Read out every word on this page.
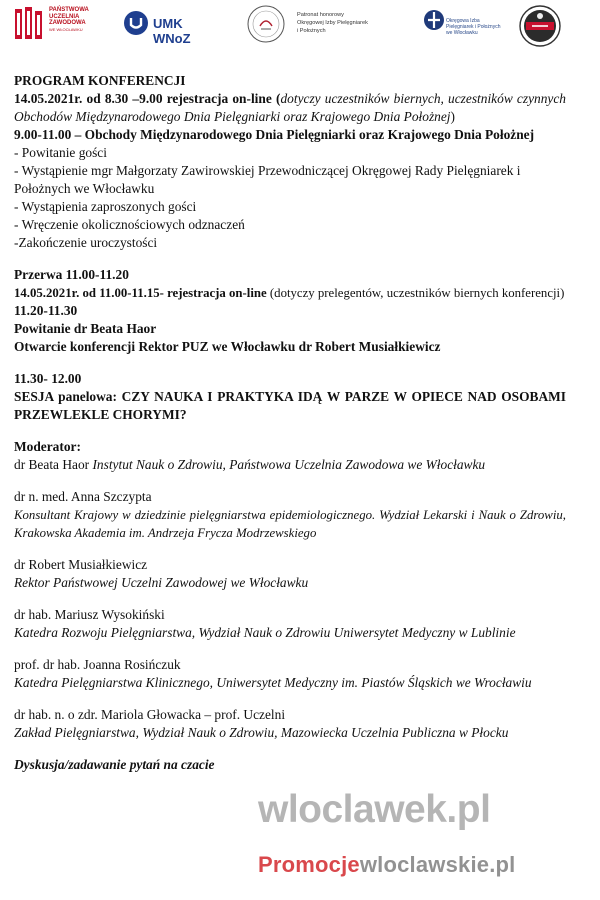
PAŃSTWOWA
UCZELNIA
ZAWODOWA
WE WŁOCŁAWKU	UMK WNoZ
Patronat honorowy
Okręgowej Izby Pielęgniarek
i Położnych
Okręgowa Izba
Pielęgniarek i Położnych
we Włocławku

PROGRAM KONFERENCJI

14.05.2021r. od 8.30 –9.00 rejestracja on-line (dotyczy uczestników biernych, uczestników czynnych Obchodów Międzynarodowego Dnia Pielęgniarki oraz Krajowego Dnia Położnej)

9.00-11.00 – Obchody Międzynarodowego Dnia Pielęgniarki oraz Krajowego Dnia Położnej

- Powitanie gości

- Wystąpienie mgr Małgorzaty Zawirowskiej Przewodniczącej Okręgowej Rady Pielęgniarek i Położnych we Włocławku

- Wystąpienia zaproszonych gości

- Wręczenie okolicznościowych odznaczeń

-Zakończenie uroczystości

Przerwa 11.00-11.20

14.05.2021r. od 11.00-11.15- rejestracja on-line (dotyczy prelegentów, uczestników biernych konferencji)

11.20-11.30

Powitanie dr Beata Haor

Otwarcie konferencji Rektor PUZ we Włocławku dr Robert Musiałkiewicz

11.30- 12.00

SESJA panelowa: CZY NAUKA I PRAKTYKA IDĄ W PARZE W OPIECE NAD OSOBAMI PRZEWLEKLE CHORYMI?

Moderator:

dr Beata Haor Instytut Nauk o Zdrowiu, Państwowa Uczelnia Zawodowa we Włocławku

dr n. med. Anna Szczypta

Konsultant Krajowy w dziedzinie pielęgniarstwa epidemiologicznego. Wydział Lekarski i Nauk o Zdrowiu, Krakowska Akademia im. Andrzeja Frycza Modrzewskiego

dr Robert Musiałkiewicz

Rektor Państwowej Uczelni Zawodowej we Włocławku

dr hab. Mariusz Wysokiński

Katedra Rozwoju Pielęgniarstwa, Wydział Nauk o Zdrowiu Uniwersytet Medyczny w Lublinie

prof. dr hab. Joanna Rosińczuk

Katedra Pielęgniarstwa Klinicznego, Uniwersytet Medyczny im. Piastów Śląskich we Wrocławiu

dr hab. n. o zdr. Mariola Głowacka – prof. Uczelni

Zakład Pielęgniarstwa, Wydział Nauk o Zdrowiu, Mazowiecka Uczelnia Publiczna w Płocku

Dyskusja/zadawanie pytań na czacie

wloclawek.pl
Promocjewloclawskie.pl
